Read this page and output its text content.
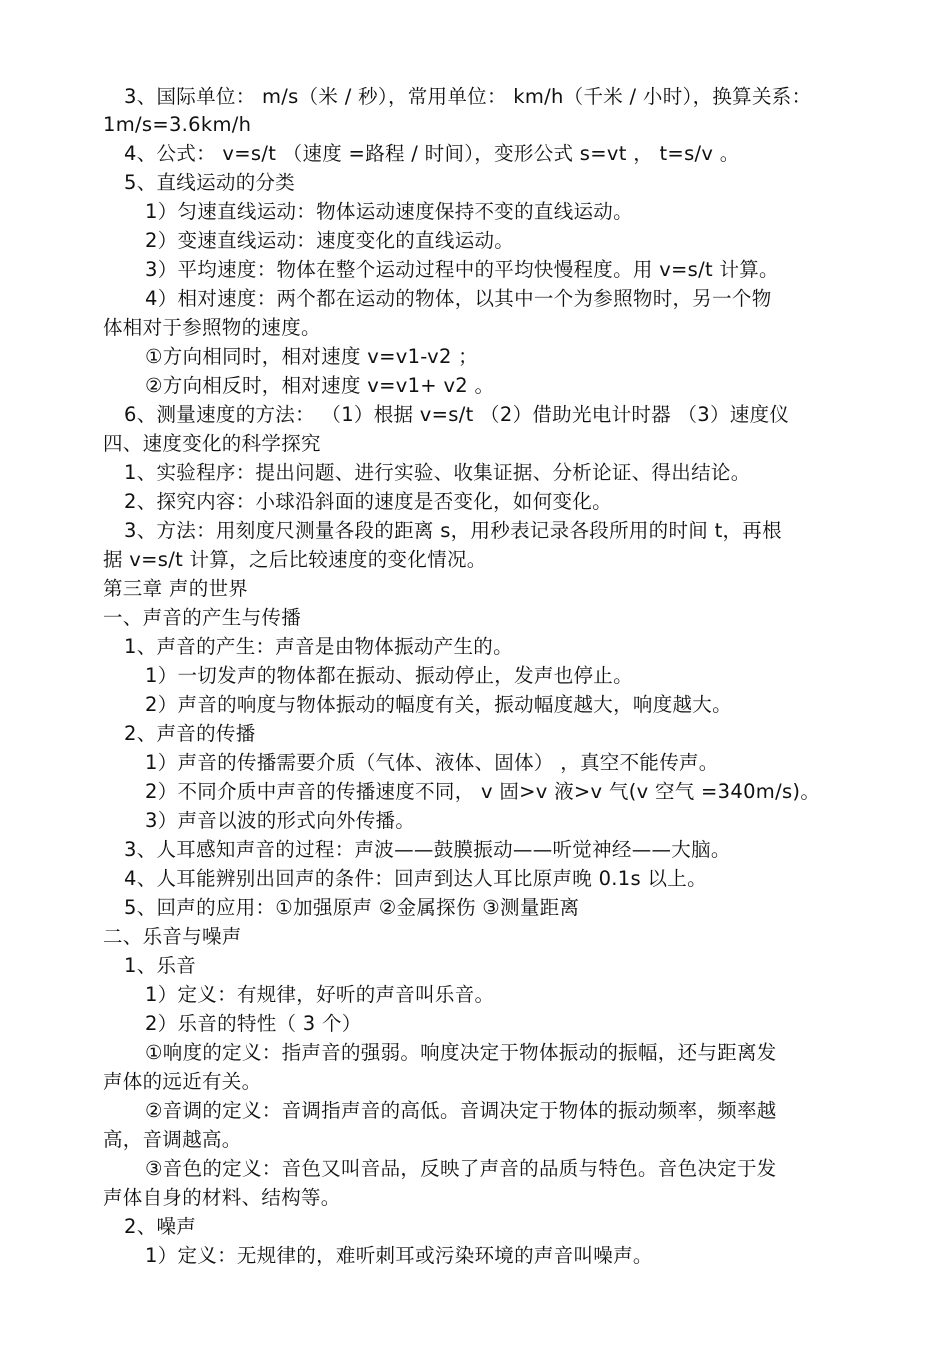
3、国际单位： m/s（米 / 秒），常用单位： km/h（千米 / 小时），换算关系：
1m/s=3.6km/h
4、公式： v=s/t （速度 =路程 / 时间），变形公式 s=vt ， t=s/v 。
5、直线运动的分类
1）匀速直线运动：物体运动速度保持不变的直线运动。
2）变速直线运动：速度变化的直线运动。
3）平均速度：物体在整个运动过程中的平均快慢程度。用 v=s/t 计算。
4）相对速度：两个都在运动的物体，以其中一个为参照物时，另一个物
体相对于参照物的速度。
①方向相同时，相对速度 v=v1-v2 ；
②方向相反时，相对速度 v=v1+ v2 。
6、测量速度的方法： （1）根据 v=s/t （2）借助光电计时器 （3）速度仪
四、速度变化的科学探究
1、实验程序：提出问题、进行实验、收集证据、分析论证、得出结论。
2、探究内容：小球沿斜面的速度是否变化，如何变化。
3、方法：用刻度尺测量各段的距离 s，用秒表记录各段所用的时间 t，再根
据 v=s/t 计算，之后比较速度的变化情况。
第三章 声的世界
一、声音的产生与传播
1、声音的产生：声音是由物体振动产生的。
1）一切发声的物体都在振动、振动停止，发声也停止。
2）声音的响度与物体振动的幅度有关，振动幅度越大，响度越大。
2、声音的传播
1）声音的传播需要介质（气体、液体、固体） ，真空不能传声。
2）不同介质中声音的传播速度不同， v 固>v 液>v 气(v 空气 =340m/s)。
3）声音以波的形式向外传播。
3、人耳感知声音的过程：声波——鼓膜振动——听觉神经——大脑。
4、人耳能辨别出回声的条件：回声到达人耳比原声晚 0.1s 以上。
5、回声的应用：①加强原声 ②金属探伤 ③测量距离
二、乐音与噪声
1、乐音
1）定义：有规律，好听的声音叫乐音。
2）乐音的特性（ 3 个）
①响度的定义：指声音的强弱。响度决定于物体振动的振幅，还与距离发
声体的远近有关。
②音调的定义：音调指声音的高低。音调决定于物体的振动频率，频率越
高，音调越高。
③音色的定义：音色又叫音品，反映了声音的品质与特色。音色决定于发
声体自身的材料、结构等。
2、噪声
1）定义：无规律的，难听刺耳或污染环境的声音叫噪声。
